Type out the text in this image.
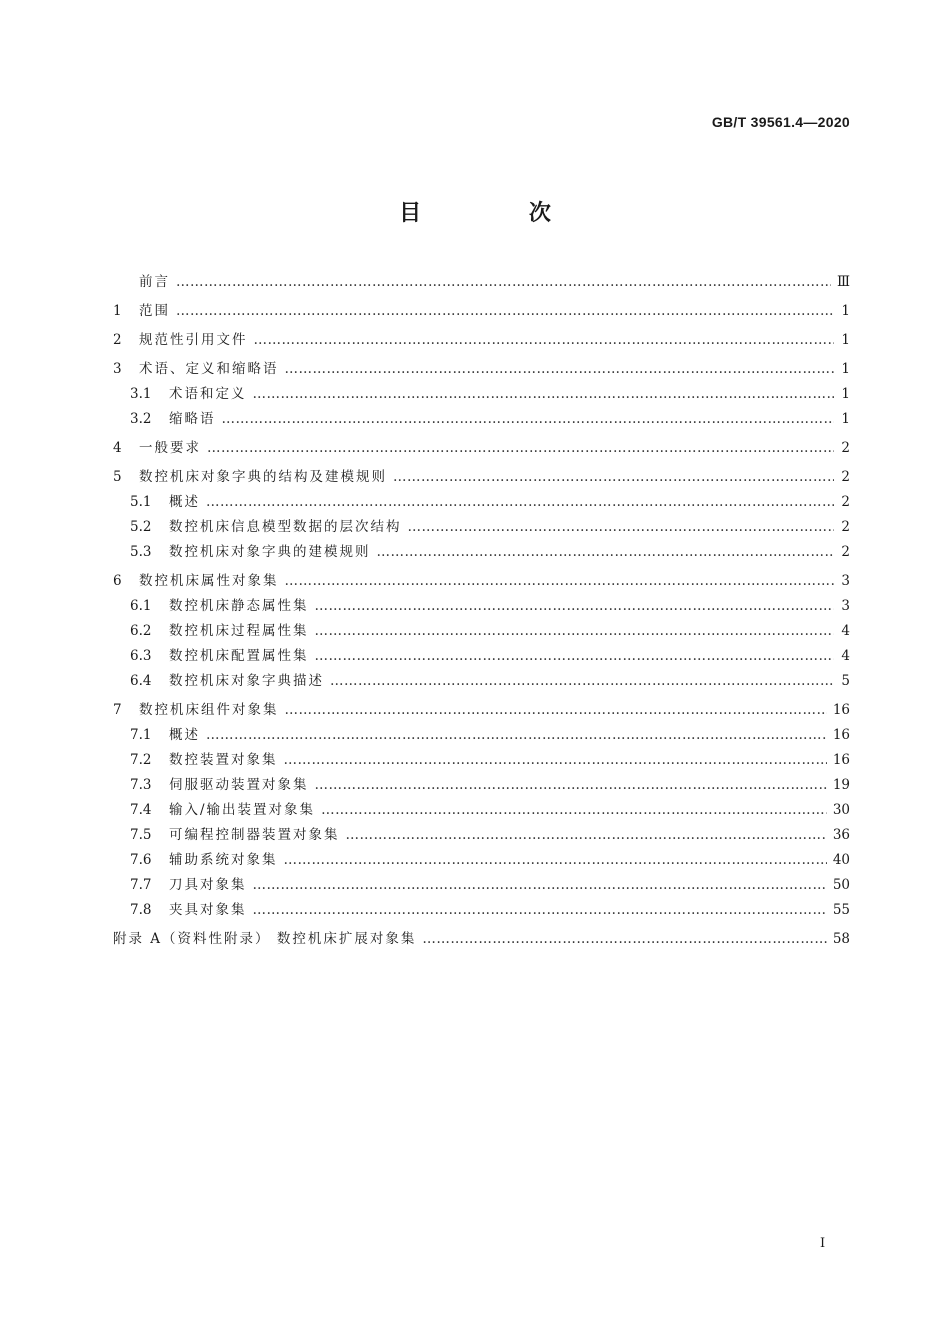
GB/T 39561.4—2020
目 次
前言 ……………………………………………………………………………………………………………………………………………………………………………………………………………………	Ⅲ
1	范围 ……………………………………………………………………………………………………………………………………………………………………………………………………………………	1
2	规范性引用文件 ……………………………………………………………………………………………………………………………………………………………………………………………………………………	1
3	术语、定义和缩略语 ……………………………………………………………………………………………………………………………………………………………………………………………………………………	1
3.1	术语和定义 ……………………………………………………………………………………………………………………………………………………………………………………………………………………	1
3.2	缩略语 ……………………………………………………………………………………………………………………………………………………………………………………………………………………	1
4	一般要求 ……………………………………………………………………………………………………………………………………………………………………………………………………………………	2
5	数控机床对象字典的结构及建模规则 ……………………………………………………………………………………………………………………………………………………………………………………………………………………	2
5.1	概述 ……………………………………………………………………………………………………………………………………………………………………………………………………………………	2
5.2	数控机床信息模型数据的层次结构 ……………………………………………………………………………………………………………………………………………………………………………………………………………………	2
5.3	数控机床对象字典的建模规则 ……………………………………………………………………………………………………………………………………………………………………………………………………………………	2
6	数控机床属性对象集 ……………………………………………………………………………………………………………………………………………………………………………………………………………………	3
6.1	数控机床静态属性集 ……………………………………………………………………………………………………………………………………………………………………………………………………………………	3
6.2	数控机床过程属性集 ……………………………………………………………………………………………………………………………………………………………………………………………………………………	4
6.3	数控机床配置属性集 ……………………………………………………………………………………………………………………………………………………………………………………………………………………	4
6.4	数控机床对象字典描述 ……………………………………………………………………………………………………………………………………………………………………………………………………………………	5
7	数控机床组件对象集 ……………………………………………………………………………………………………………………………………………………………………………………………………………………	16
7.1	概述 ……………………………………………………………………………………………………………………………………………………………………………………………………………………	16
7.2	数控装置对象集 ……………………………………………………………………………………………………………………………………………………………………………………………………………………	16
7.3	伺服驱动装置对象集 ……………………………………………………………………………………………………………………………………………………………………………………………………………………	19
7.4	输入/输出装置对象集 ……………………………………………………………………………………………………………………………………………………………………………………………………………………	30
7.5	可编程控制器装置对象集 ……………………………………………………………………………………………………………………………………………………………………………………………………………………	36
7.6	辅助系统对象集 ……………………………………………………………………………………………………………………………………………………………………………………………………………………	40
7.7	刀具对象集 ……………………………………………………………………………………………………………………………………………………………………………………………………………………	50
7.8	夹具对象集 ……………………………………………………………………………………………………………………………………………………………………………………………………………………	55
附录 A（资料性附录） 数控机床扩展对象集 ……………………………………………………………………………………………………………………………………………………………………………………………………………………	58
I
